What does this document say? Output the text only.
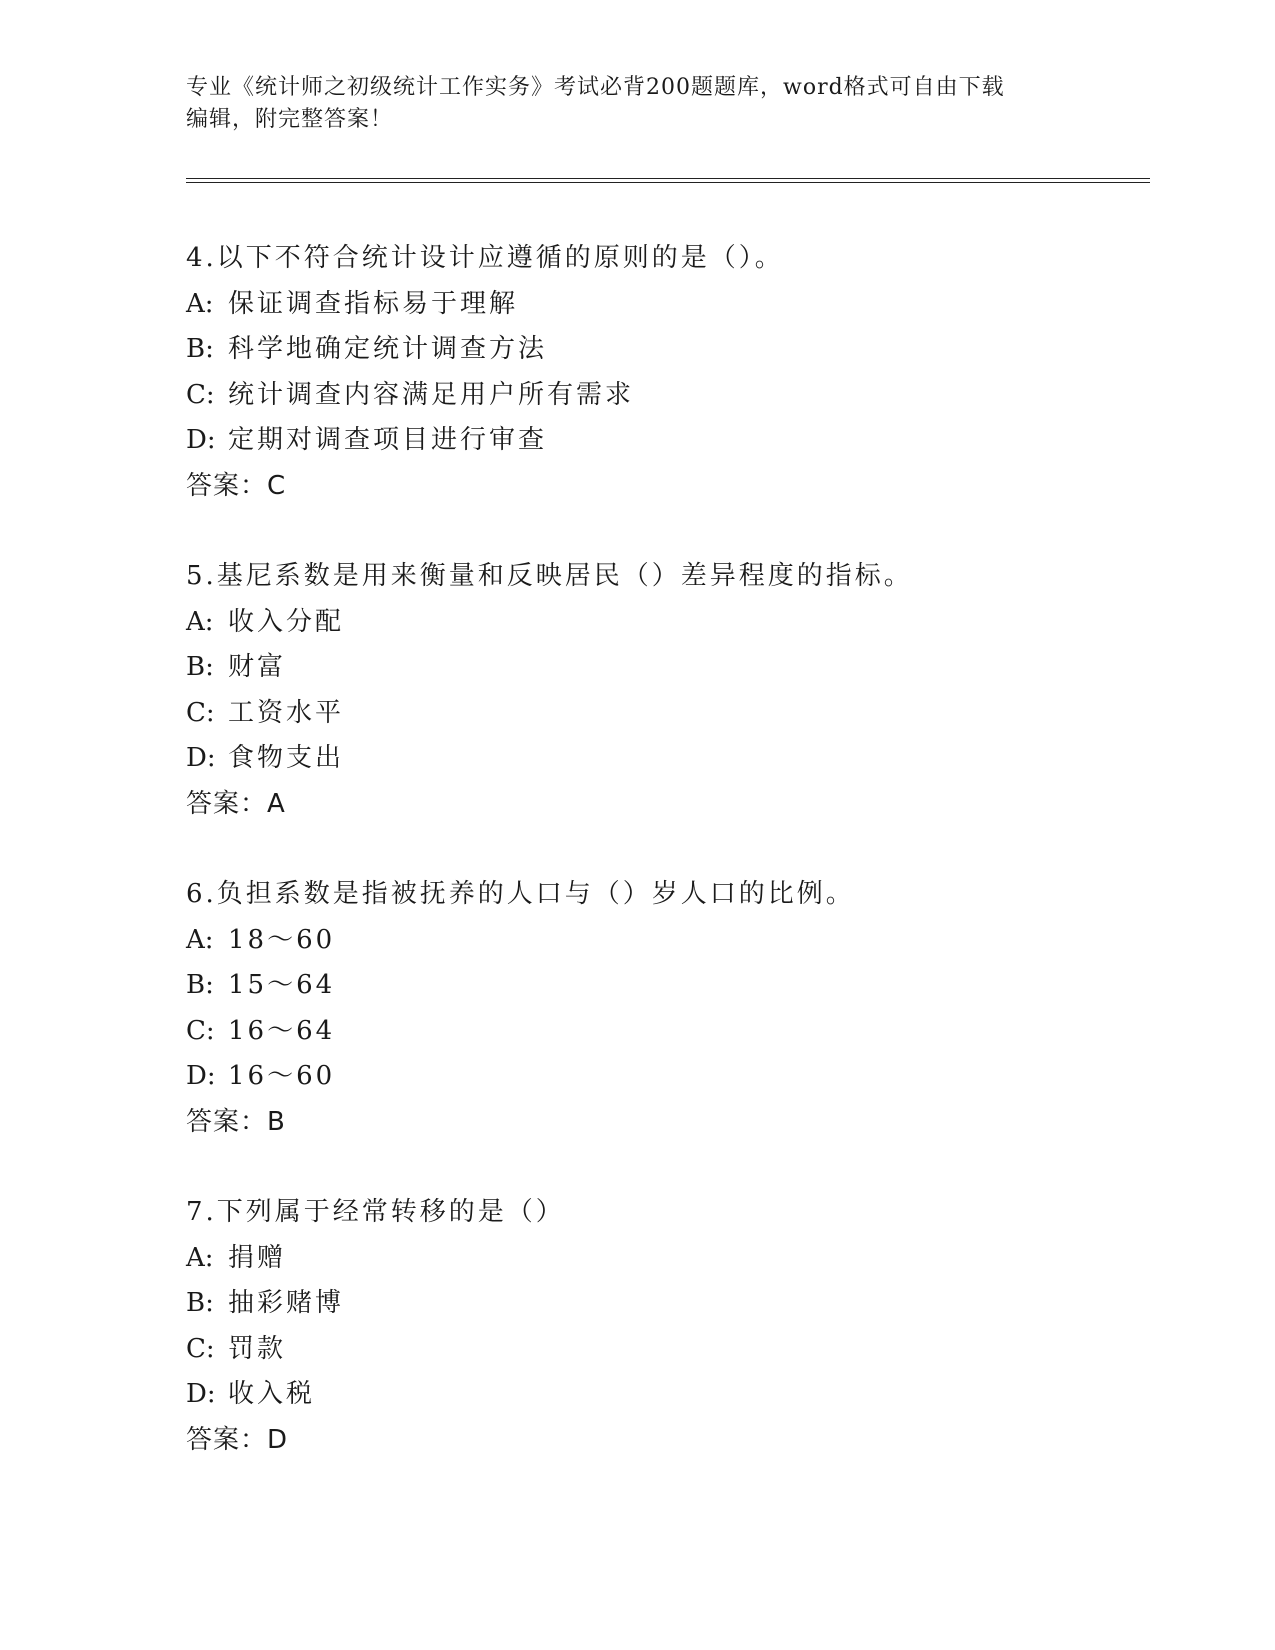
专业《统计师之初级统计工作实务》考试必背200题题库，word格式可自由下载
编辑，附完整答案！
4.以下不符合统计设计应遵循的原则的是（）。
A: 保证调查指标易于理解
B: 科学地确定统计调查方法
C: 统计调查内容满足用户所有需求
D: 定期对调查项目进行审查
答案：C
5.基尼系数是用来衡量和反映居民（）差异程度的指标。
A: 收入分配
B: 财富
C: 工资水平
D: 食物支出
答案：A
6.负担系数是指被抚养的人口与（）岁人口的比例。
A: 18～60
B: 15～64
C: 16～64
D: 16～60
答案：B
7.下列属于经常转移的是（）
A: 捐赠
B: 抽彩赌博
C: 罚款
D: 收入税
答案：D
